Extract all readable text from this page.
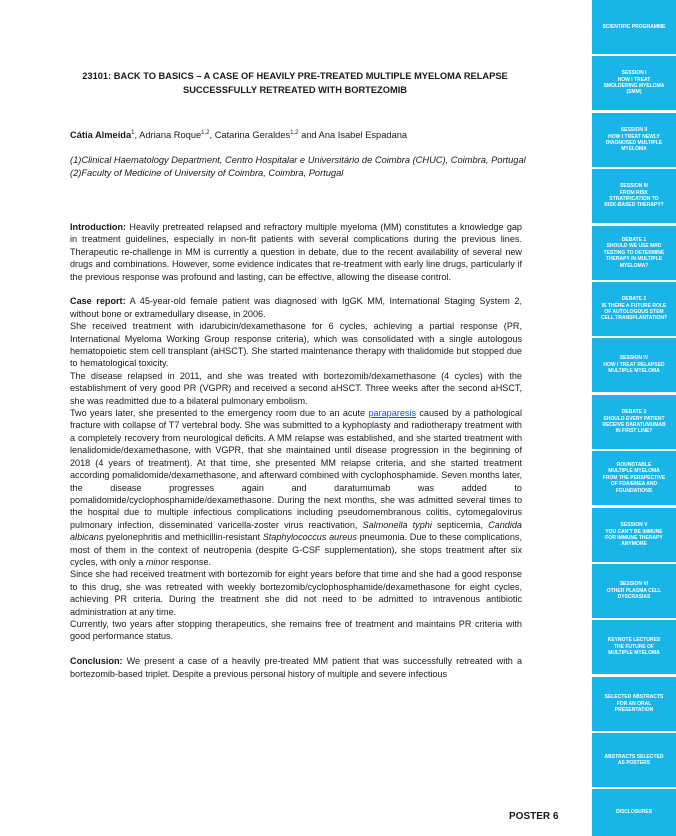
23101: BACK TO BASICS – A CASE OF HEAVILY PRE-TREATED MULTIPLE MYELOMA RELAPSE
SUCCESSFULLY RETREATED WITH BORTEZOMIB
Cátia Almeida$^1$, Adriana Roque$^{1,2}$, Catarina Geraldes$^{1,2}$ and Ana Isabel Espadana
(1)Clinical Haematology Department, Centro Hospitalar e Universitário de Coimbra (CHUC), Coimbra, Portugal
(2)Faculty of Medicine of University of Coimbra, Coimbra, Portugal

Introduction: Heavily pretreated relapsed and refractory multiple myeloma (MM) constitutes a knowledge gap in treatment guidelines, especially in non-fit patients with several complications during the previous lines. Therapeutic re-challenge in MM is currently a question in debate, due to the recent availability of several new drugs and combinations. However, some evidence indicates that re-treatment with early line drugs, particularly if the previous response was profound and lasting, can be effective, allowing the disease control.

Case report: A 45-year-old female patient was diagnosed with IgGK MM, International Staging System 2, without bone or extramedullary disease, in 2006.

She received treatment with idarubicin/dexamethasone for 6 cycles, achieving a partial response (PR, International Myeloma Working Group response criteria), which was consolidated with a single autologous hematopoietic stem cell transplant (aHSCT). She started maintenance therapy with thalidomide but stopped due to hematological toxicity.

The disease relapsed in 2011, and she was treated with bortezomib/dexamethasone (4 cycles) with the establishment of very good PR (VGPR) and received a second aHSCT. Three weeks after the second aHSCT, she was readmitted due to a bilateral pulmonary embolism.

Two years later, she presented to the emergency room due to an acute paraparesis caused by a pathological fracture with collapse of T7 vertebral body. She was submitted to a kyphoplasty and radiotherapy treatment with a completely recovery from neurological deficits. A MM relapse was established, and she started treatment with lenalidomide/dexamethasone, with VGPR, that she maintained until disease progression in the beginning of 2018 (4 years of treatment). At that time, she presented MM relapse criteria, and she started treatment according pomalidomide/dexamethasone, and afterward combined with cyclophosphamide. Seven months later, the disease progresses again and daratumumab was added to pomalidomide/cyclophosphamide/dexamethasone. During the next months, she was admitted several times to the hospital due to multiple infectious complications including pseudomembranous colitis, cytomegalovirus pulmonary infection, disseminated varicella-zoster virus reactivation, Salmonella typhi septicemia, Candida albicans pyelonephritis and methicillin-resistant Staphylococcus aureus pneumonia. Due to these complications, most of them in the context of neutropenia (despite G-CSF supplementation), she stops treatment after six cycles, with only a minor response.

Since she had received treatment with bortezomib for eight years before that time and she had a good response to this drug, she was retreated with weekly bortezomib/cyclophosphamide/dexamethasone for eight cycles, achieving PR criteria. During the treatment she did not need to be admitted to intravenous antibiotic administration at any time.

Currently, two years after stopping therapeutics, she remains free of treatment and maintains PR criteria with good performance status.

Conclusion: We present a case of a heavily pre-treated MM patient that was successfully retreated with a bortezomib-based triplet. Despite a previous personal history of multiple and severe infectious

POSTER 6
SCIENTIFIC PROGRAMME
SESSION I
HOW I TREAT
SMOLDERING MYELOMA
(SMM)
SESSION II
HOW I TREAT NEWLY
DIAGNOSED MULTIPLE
MYELOMA
SESSION III
FROM RISK
STRATIFICATION TO
RISK-BASED THERAPY?
DEBATE 1
SHOULD WE USE MRD
TESTING TO DETERMINE
THERAPY IN MULTIPLE
MYELOMA?
DEBATE 2
IS THERE A FUTURE ROLE
OF AUTOLOGOUS STEM
CELL TRANSPLANTATION?
SESSION IV
HOW I TREAT RELAPSED
MULTIPLE MYELOMA
DEBATE 3
SHOULD EVERY PATIENT
RECEIVE DARATUMUMAB
IN FIRST LINE?
ROUNDTABLE
MULTIPLE MYELOMA
FROM THE PERSPECTIVE
OF FDA/EMEA AND
FOUNDATIONS
SESSION V
YOU CAN'T BE IMMUNE
FOR IMMUNE THERAPY
ANYMORE
SESSION VI
OTHER PLASMA CELL
DYSCRASIAS
KEYNOTE LECTURES
THE FUTURE OF
MULTIPLE MYELOMA
SELECTED ABSTRACTS
FOR AN ORAL
PRESENTATION
ABSTRACTS SELECTED
AS POSTERS
DISCLOSURES
